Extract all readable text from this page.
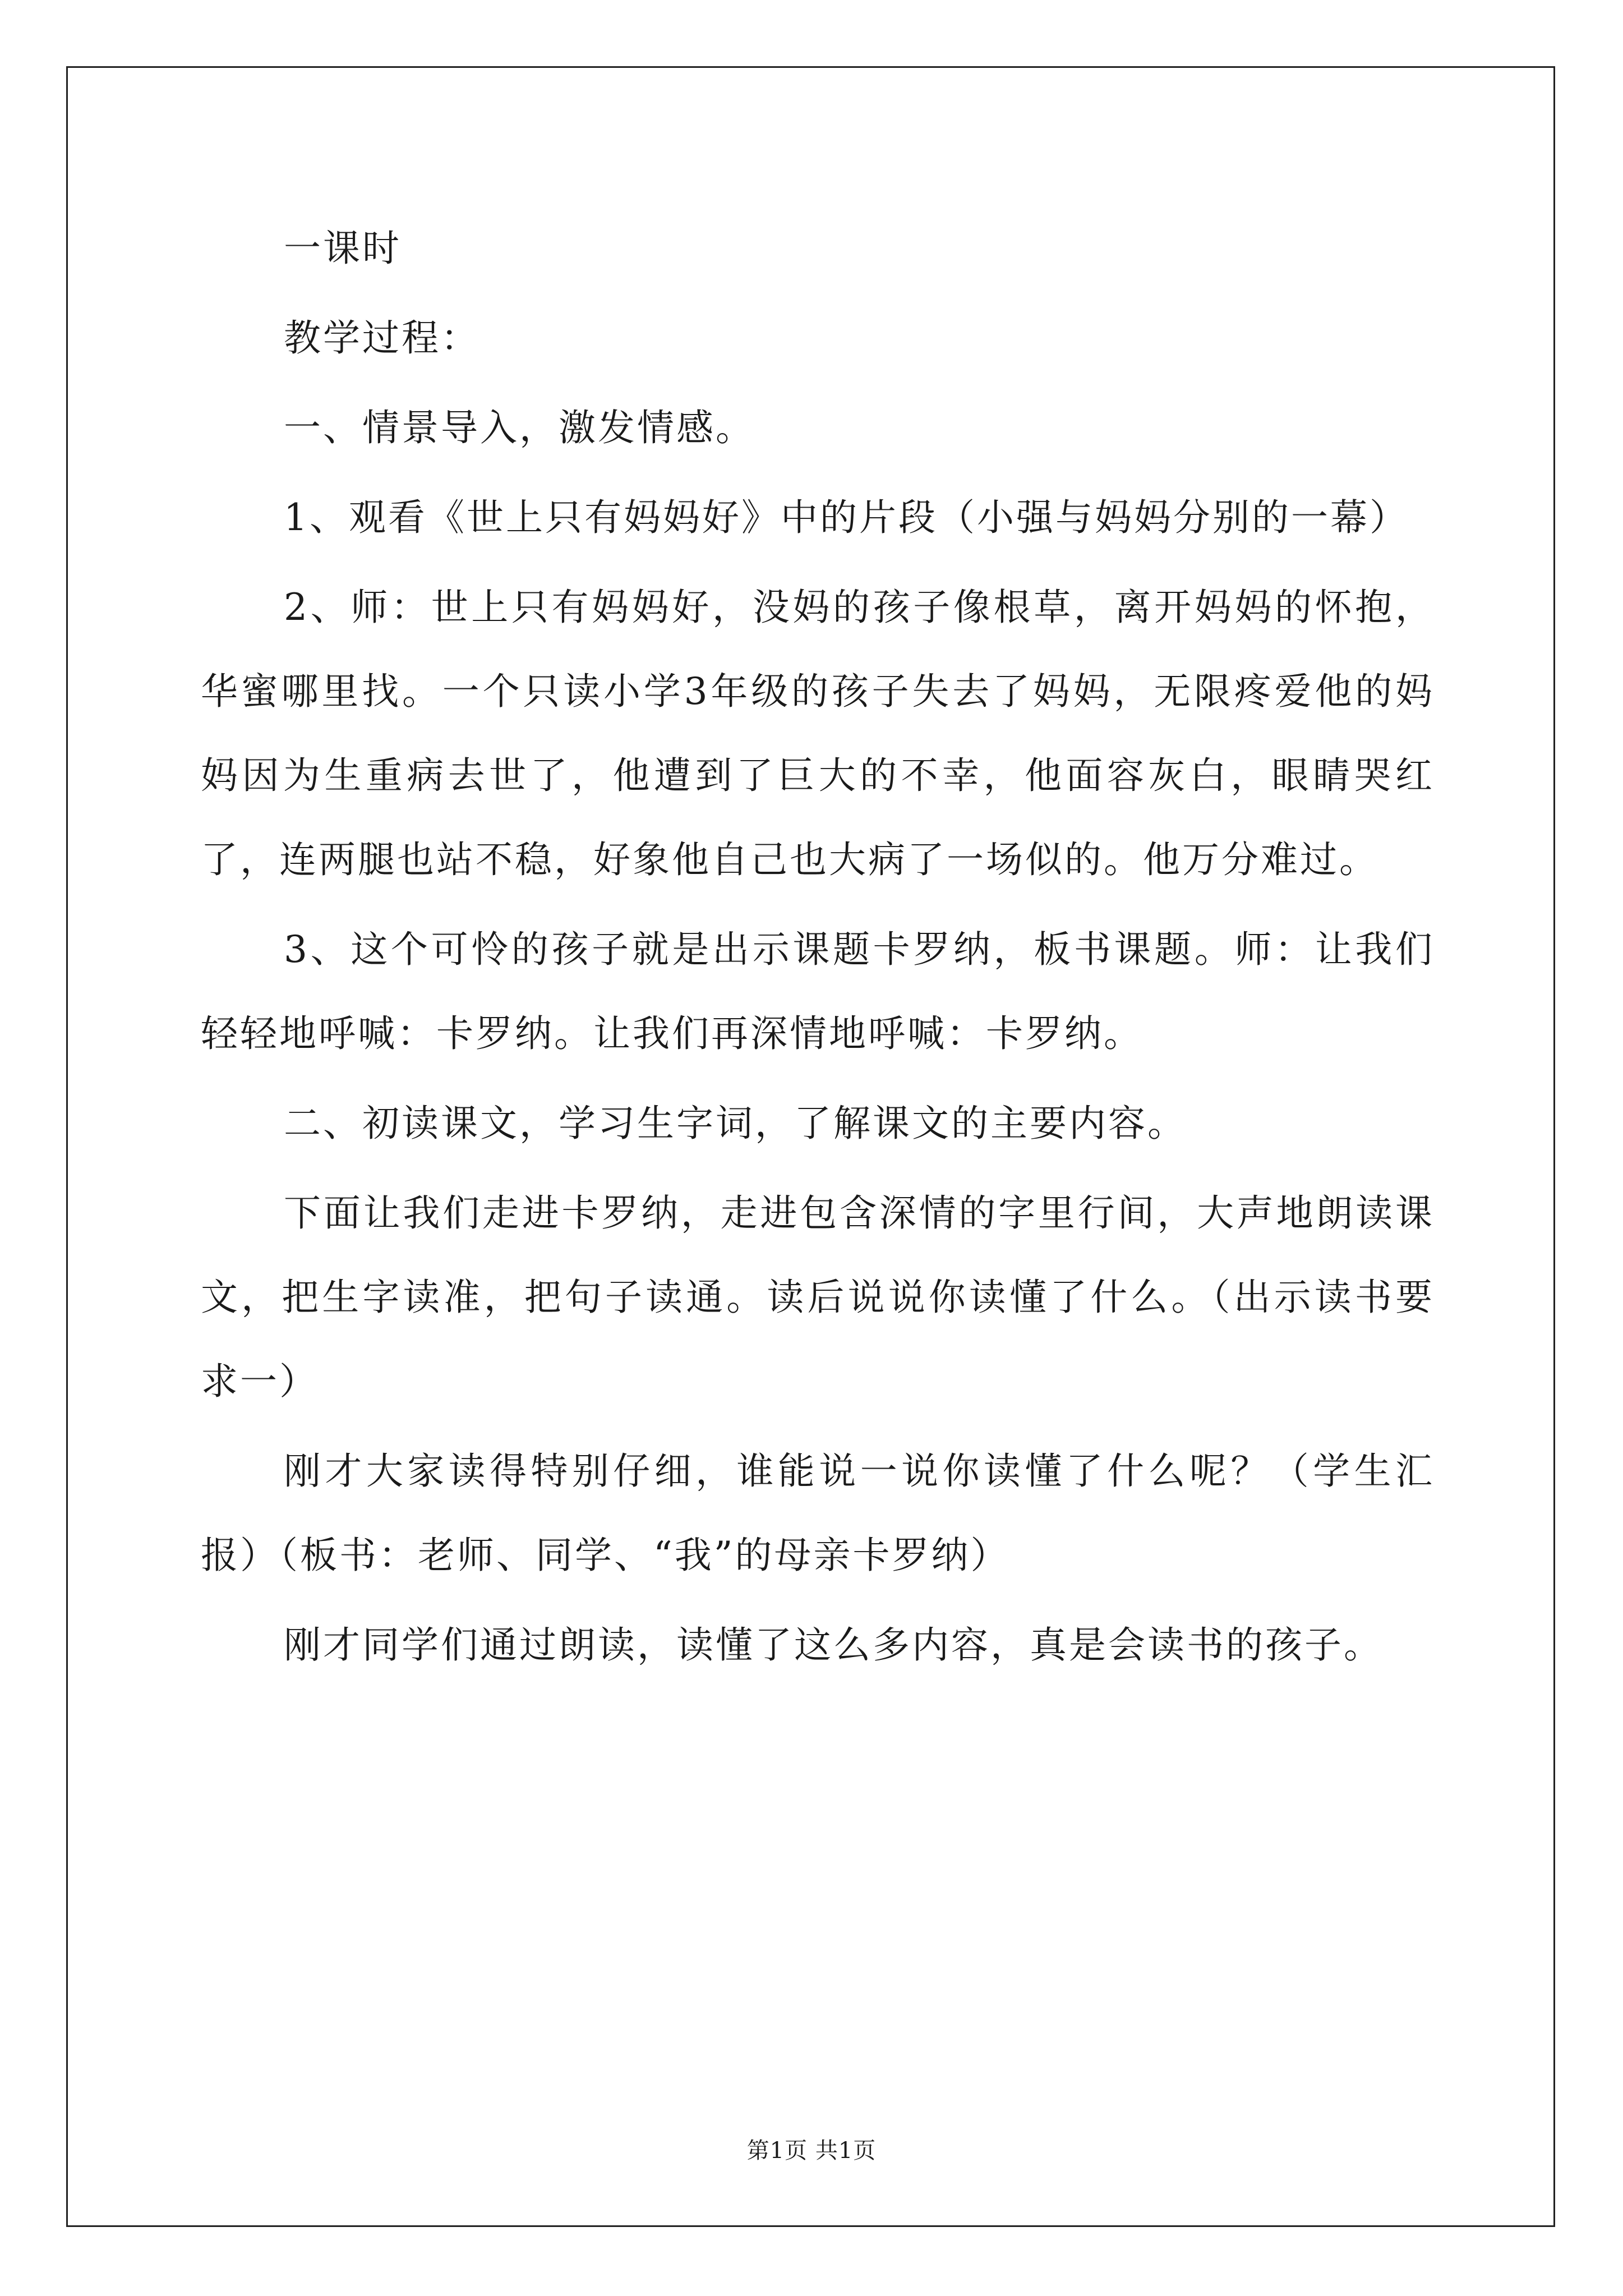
一课时

教学过程：

一、情景导入，激发情感。

1、观看《世上只有妈妈好》中的片段（小强与妈妈分别的一幕）

2、师：世上只有妈妈好，没妈的孩子像根草，离开妈妈的怀抱，华蜜哪里找。一个只读小学3年级的孩子失去了妈妈，无限疼爱他的妈妈因为生重病去世了，他遭到了巨大的不幸，他面容灰白，眼睛哭红了，连两腿也站不稳，好象他自己也大病了一场似的。他万分难过。

3、这个可怜的孩子就是出示课题卡罗纳，板书课题。师：让我们轻轻地呼喊：卡罗纳。让我们再深情地呼喊：卡罗纳。

二、初读课文，学习生字词，了解课文的主要内容。

下面让我们走进卡罗纳，走进包含深情的字里行间，大声地朗读课文，把生字读准，把句子读通。读后说说你读懂了什么。（出示读书要求一）

刚才大家读得特别仔细，谁能说一说你读懂了什么呢？（学生汇报）（板书：老师、同学、“我”的母亲卡罗纳）

刚才同学们通过朗读，读懂了这么多内容，真是会读书的孩子。

第1页 共1页
